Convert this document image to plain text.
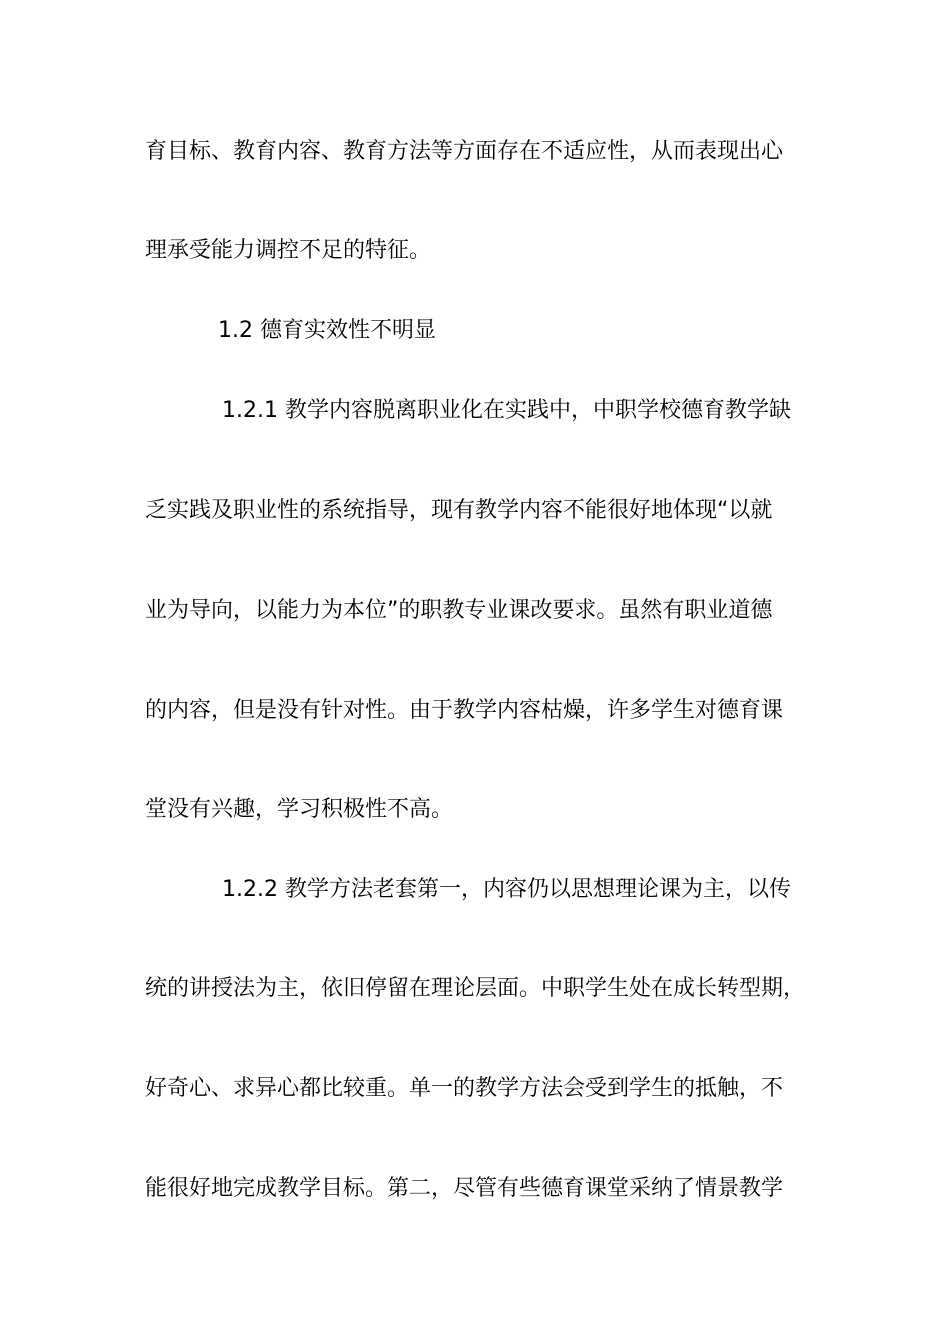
育目标、教育内容、教育方法等方面存在不适应性，从而表现出心
理承受能力调控不足的特征。
1.2 德育实效性不明显
1.2.1 教学内容脱离职业化在实践中，中职学校德育教学缺
乏实践及职业性的系统指导，现有教学内容不能很好地体现“以就
业为导向，以能力为本位”的职教专业课改要求。虽然有职业道德
的内容，但是没有针对性。由于教学内容枯燥，许多学生对德育课
堂没有兴趣，学习积极性不高。
1.2.2 教学方法老套第一，内容仍以思想理论课为主，以传
统的讲授法为主，依旧停留在理论层面。中职学生处在成长转型期，
好奇心、求异心都比较重。单一的教学方法会受到学生的抵触，不
能很好地完成教学目标。第二，尽管有些德育课堂采纳了情景教学
